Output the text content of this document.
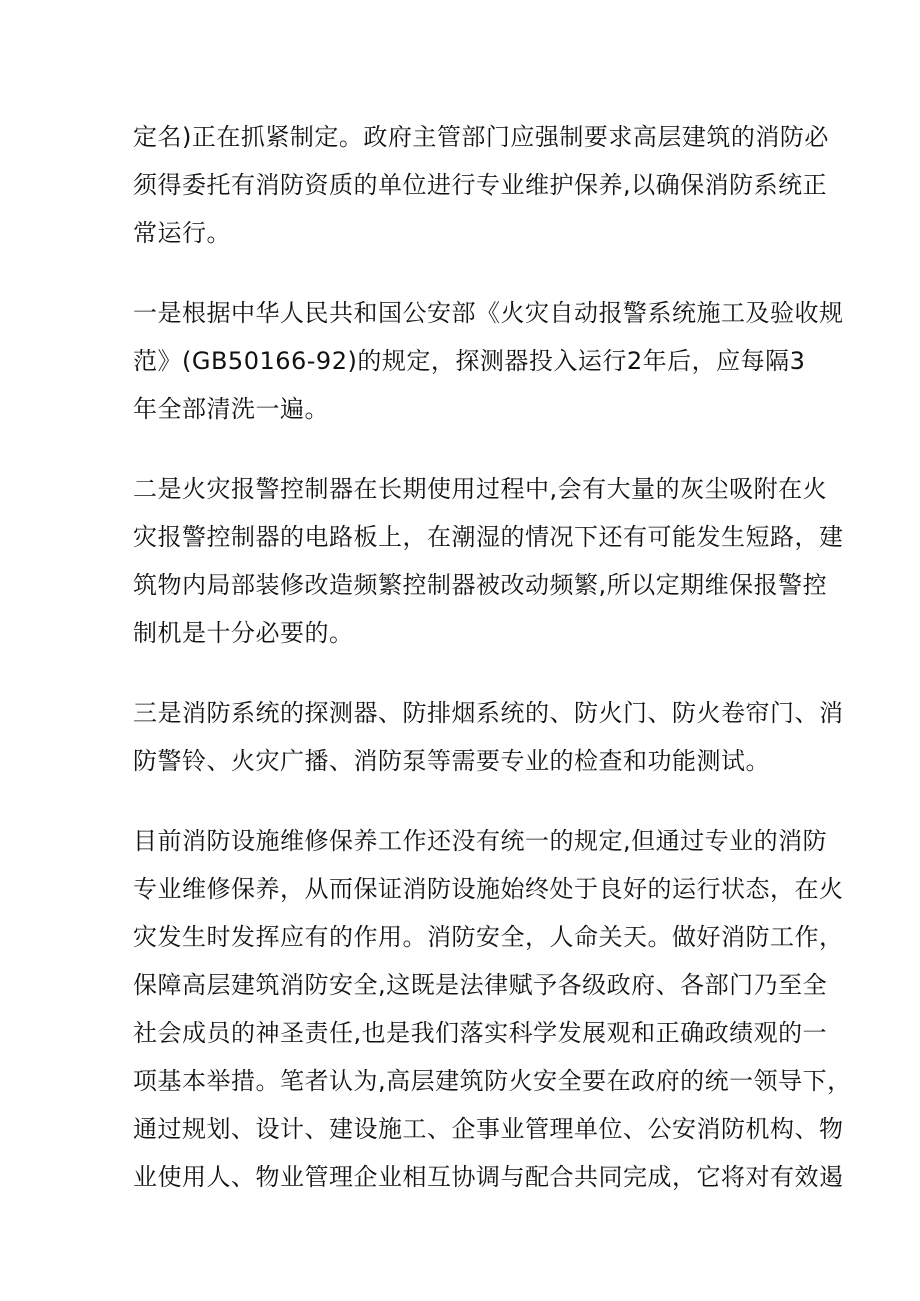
定名)正在抓紧制定。政府主管部门应强制要求高层建筑的消防必
须得委托有消防资质的单位进行专业维护保养,以确保消防系统正
常运行。

一是根据中华人民共和国公安部《火灾自动报警系统施工及验收规
范》(GB50166-92)的规定，探测器投入运行2年后，应每隔3
年全部清洗一遍。

二是火灾报警控制器在长期使用过程中,会有大量的灰尘吸附在火
灾报警控制器的电路板上，在潮湿的情况下还有可能发生短路，建
筑物内局部装修改造频繁控制器被改动频繁,所以定期维保报警控
制机是十分必要的。

三是消防系统的探测器、防排烟系统的、防火门、防火卷帘门、消
防警铃、火灾广播、消防泵等需要专业的检查和功能测试。

目前消防设施维修保养工作还没有统一的规定,但通过专业的消防
专业维修保养，从而保证消防设施始终处于良好的运行状态，在火
灾发生时发挥应有的作用。消防安全，人命关天。做好消防工作，
保障高层建筑消防安全,这既是法律赋予各级政府、各部门乃至全
社会成员的神圣责任,也是我们落实科学发展观和正确政绩观的一
项基本举措。笔者认为,高层建筑防火安全要在政府的统一领导下，
通过规划、设计、建设施工、企事业管理单位、公安消防机构、物
业使用人、物业管理企业相互协调与配合共同完成，它将对有效遏
